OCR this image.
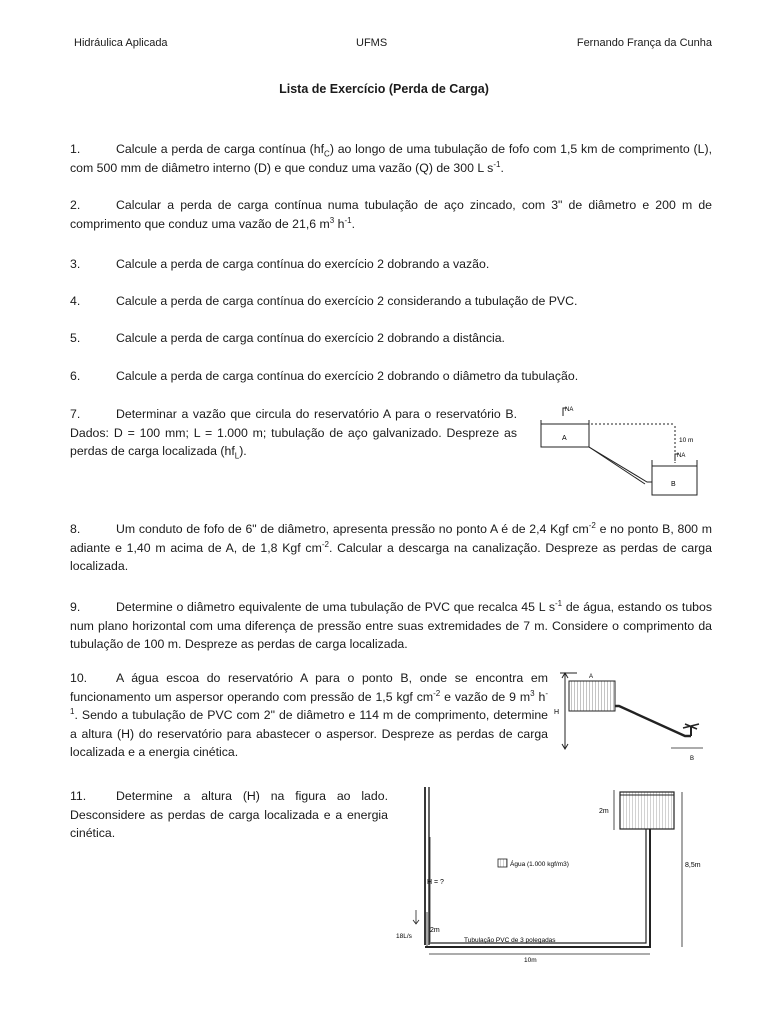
Hidráulica Aplicada	UFMS	Fernando França da Cunha
Lista de Exercício (Perda de Carga)
1.	Calcule a perda de carga contínua $(hf_C)$ ao longo de uma tubulação de fofo com 1,5 km de comprimento (L), com 500 mm de diâmetro interno (D) e que conduz uma vazão (Q) de 300 L $s^{-1}$.
2.	Calcular a perda de carga contínua numa tubulação de aço zincado, com 3" de diâmetro e 200 m de comprimento que conduz uma vazão de 21,6 $m^3$ $h^{-1}$.
3.	Calcule a perda de carga contínua do exercício 2 dobrando a vazão.
4.	Calcule a perda de carga contínua do exercício 2 considerando a tubulação de PVC.
5.	Calcule a perda de carga contínua do exercício 2 dobrando a distância.
6.	Calcule a perda de carga contínua do exercício 2 dobrando o diâmetro da tubulação.
7.	Determinar a vazão que circula do reservatório A para o reservatório B. Dados: D = 100 mm; L = 1.000 m; tubulação de aço galvanizado. Despreze as perdas de carga localizada $(hf_L)$.
NA
NA
A
B
10 m
8.	Um conduto de fofo de 6" de diâmetro, apresenta pressão no ponto A é de 2,4 Kgf $cm^{-2}$ e no ponto B, 800 m adiante e 1,40 m acima de A, de 1,8 Kgf $cm^{-2}$. Calcular a descarga na canalização. Despreze as perdas de carga localizada.
9.	Determine o diâmetro equivalente de uma tubulação de PVC que recalca 45 L $s^{-1}$ de água, estando os tubos num plano horizontal com uma diferença de pressão entre suas extremidades de 7 m. Considere o comprimento da tubulação de 100 m. Despreze as perdas de carga localizada.
10. A água escoa do reservatório A para o ponto B, onde se encontra em funcionamento um aspersor operando com pressão de 1,5 kgf $cm^{-2}$ e vazão de 9 $m^3$ $h^{-1}$. Sendo a tubulação de PVC com 2" de diâmetro e 114 m de comprimento, determine a altura (H) do reservatório para abastecer o aspersor. Despreze as perdas de carga localizada e a energia cinética.
A
H
B
11. Determine a altura (H) na figura ao lado. Desconsidere as perdas de carga localizada e a energia cinética.
Água (1.000 kgf/m3)
2m
8,5m
H = ?
18L/s
2m
Tubulação PVC de 3 polegadas
10m
